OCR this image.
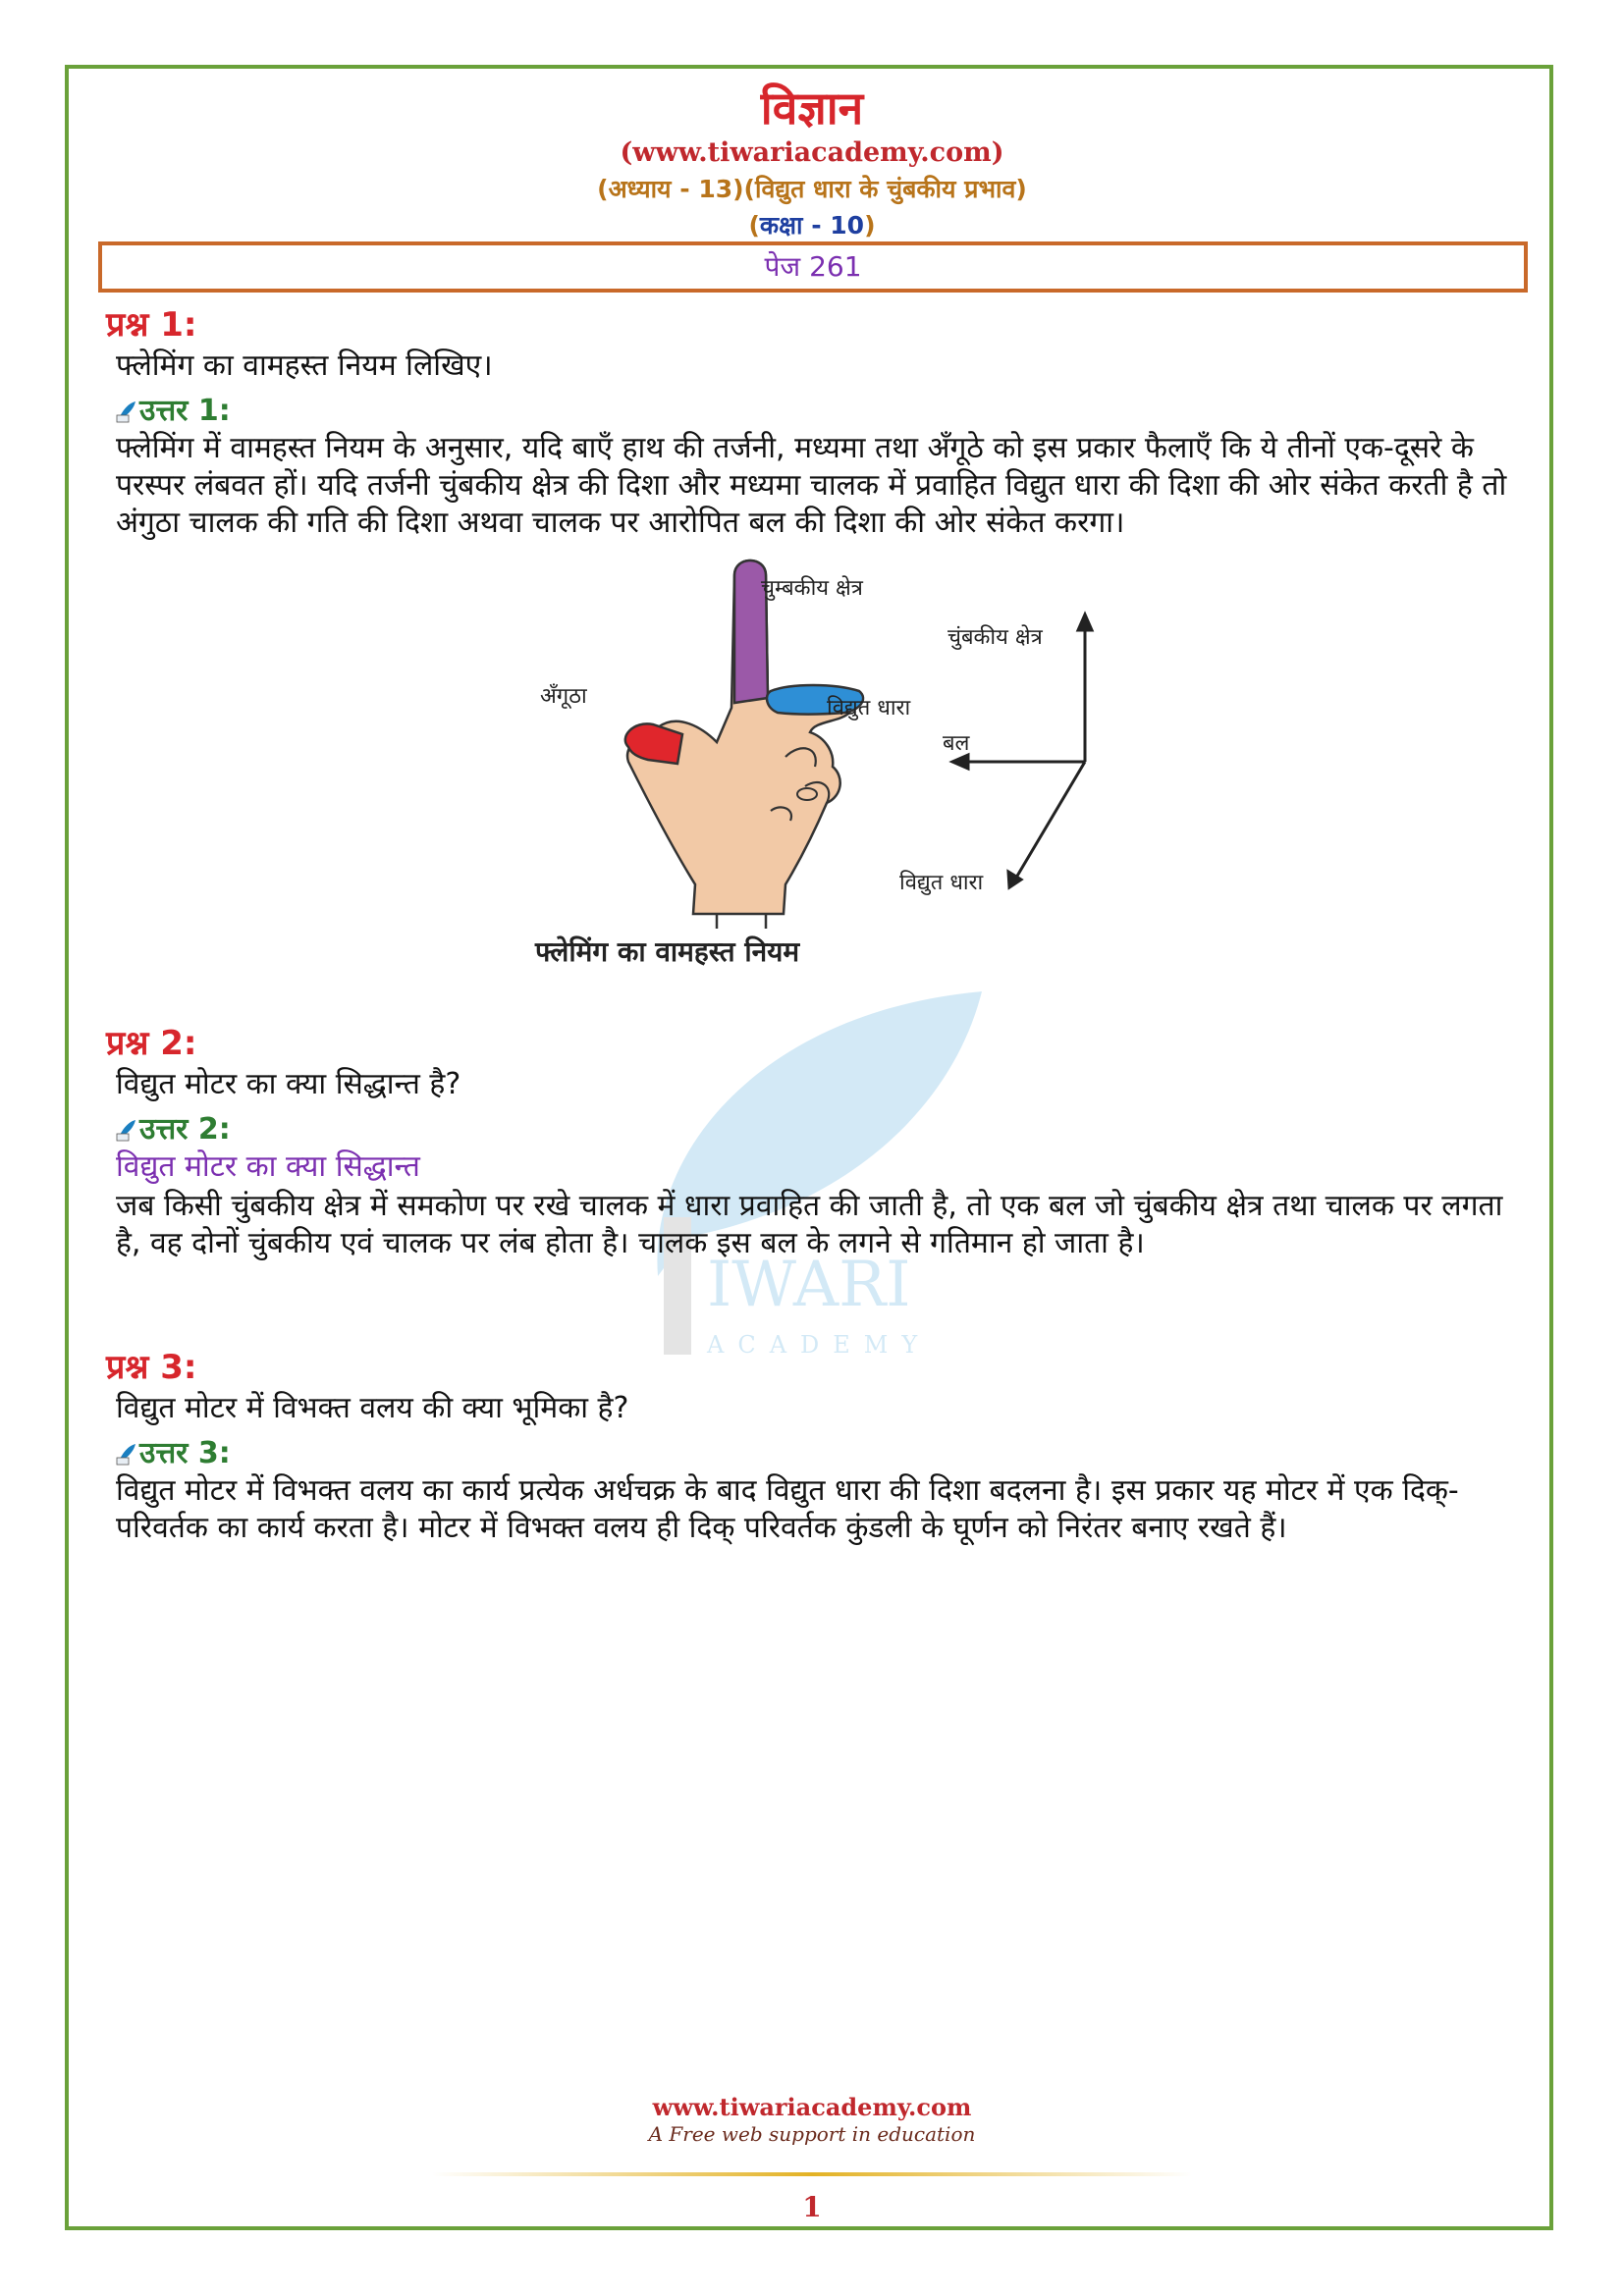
विज्ञान
(www.tiwariacademy.com)
(अध्याय - 13)(विद्युत धारा के चुंबकीय प्रभाव)
(कक्षा - 10)
पेज 261
प्रश्न 1:
फ्लेमिंग का वामहस्त नियम लिखिए।
उत्तर 1:
फ्लेमिंग में वामहस्त नियम के अनुसार, यदि बाएँ हाथ की तर्जनी, मध्यमा तथा अँगूठे को इस प्रकार फैलाएँ कि ये तीनों एक-दूसरे के परस्पर लंबवत हों। यदि तर्जनी चुंबकीय क्षेत्र की दिशा और मध्यमा चालक में प्रवाहित विद्युत धारा की दिशा की ओर संकेत करती है तो अंगुठा चालक की गति की दिशा अथवा चालक पर आरोपित बल की दिशा की ओर संकेत करगा।
चुम्बकीय क्षेत्र
अँगूठा	विद्युत धारा
चुंबकीय क्षेत्र
बल
विद्युत धारा
फ्लेमिंग का वामहस्त नियम
IWARI
ACADEMY
प्रश्न 2:
विद्युत मोटर का क्या सिद्धान्त है?
उत्तर 2:
विद्युत मोटर का क्या सिद्धान्त
जब किसी चुंबकीय क्षेत्र में समकोण पर रखे चालक में धारा प्रवाहित की जाती है, तो एक बल जो चुंबकीय क्षेत्र तथा चालक पर लगता है, वह दोनों चुंबकीय एवं चालक पर लंब होता है। चालक इस बल के लगने से गतिमान हो जाता है।
प्रश्न 3:
विद्युत मोटर में विभक्त वलय की क्या भूमिका है?
उत्तर 3:
विद्युत मोटर में विभक्त वलय का कार्य प्रत्येक अर्धचक्र के बाद विद्युत धारा की दिशा बदलना है। इस प्रकार यह मोटर में एक दिक्-परिवर्तक का कार्य करता है। मोटर में विभक्त वलय ही दिक् परिवर्तक कुंडली के घूर्णन को निरंतर बनाए रखते हैं।
www.tiwariacademy.com
A Free web support in education
1
